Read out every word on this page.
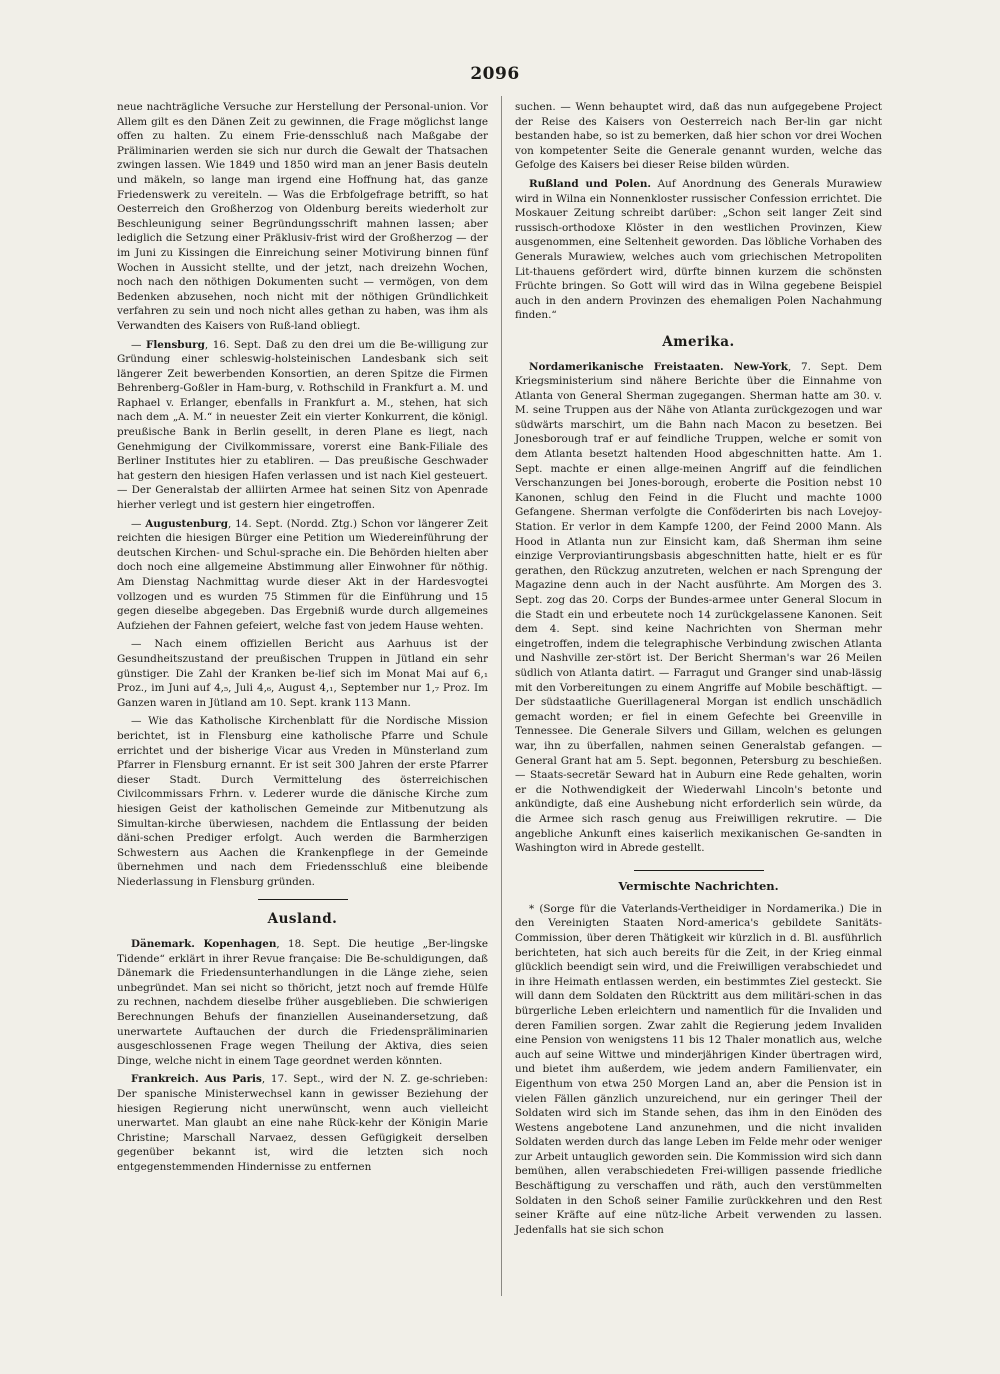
2096

neue nachträgliche Versuche zur Herstellung der Personal-union. Vor Allem gilt es den Dänen Zeit zu gewinnen, die Frage möglichst lange offen zu halten. Zu einem Frie-densschluß nach Maßgabe der Präliminarien werden sie sich nur durch die Gewalt der Thatsachen zwingen lassen. Wie 1849 und 1850 wird man an jener Basis deuteln und mäkeln, so lange man irgend eine Hoffnung hat, das ganze Friedenswerk zu vereiteln. — Was die Erbfolgefrage betrifft, so hat Oesterreich den Großherzog von Oldenburg bereits wiederholt zur Beschleunigung seiner Begründungsschrift mahnen lassen; aber lediglich die Setzung einer Präklusiv-frist wird der Großherzog — der im Juni zu Kissingen die Einreichung seiner Motivirung binnen fünf Wochen in Aussicht stellte, und der jetzt, nach dreizehn Wochen, noch nach den nöthigen Dokumenten sucht — vermögen, von dem Bedenken abzusehen, noch nicht mit der nöthigen Gründlichkeit verfahren zu sein und noch nicht alles gethan zu haben, was ihm als Verwandten des Kaisers von Ruß-land obliegt.

— Flensburg, 16. Sept. Daß zu den drei um die Be-willigung zur Gründung einer schleswig-holsteinischen Landesbank sich seit längerer Zeit bewerbenden Konsortien, an deren Spitze die Firmen Behrenberg-Goßler in Ham-burg, v. Rothschild in Frankfurt a. M. und Raphael v. Erlanger, ebenfalls in Frankfurt a. M., stehen, hat sich nach dem „A. M.“ in neuester Zeit ein vierter Konkurrent, die königl. preußische Bank in Berlin gesellt, in deren Plane es liegt, nach Genehmigung der Civilkommissare, vorerst eine Bank-Filiale des Berliner Institutes hier zu etabliren. — Das preußische Geschwader hat gestern den hiesigen Hafen verlassen und ist nach Kiel gesteuert. — Der Generalstab der alliirten Armee hat seinen Sitz von Apenrade hierher verlegt und ist gestern hier eingetroffen.

— Augustenburg, 14. Sept. (Nordd. Ztg.) Schon vor längerer Zeit reichten die hiesigen Bürger eine Petition um Wiedereinführung der deutschen Kirchen- und Schul-sprache ein. Die Behörden hielten aber doch noch eine allgemeine Abstimmung aller Einwohner für nöthig. Am Dienstag Nachmittag wurde dieser Akt in der Hardesvogtei vollzogen und es wurden 75 Stimmen für die Einführung und 15 gegen dieselbe abgegeben. Das Ergebniß wurde durch allgemeines Aufziehen der Fahnen gefeiert, welche fast von jedem Hause wehten.

— Nach einem offiziellen Bericht aus Aarhuus ist der Gesundheitszustand der preußischen Truppen in Jütland ein sehr günstiger. Die Zahl der Kranken be-lief sich im Monat Mai auf 6,₁ Proz., im Juni auf 4,₅, Juli 4,₆, August 4,₁, September nur 1,₇ Proz. Im Ganzen waren in Jütland am 10. Sept. krank 113 Mann.

— Wie das Katholische Kirchenblatt für die Nordische Mission berichtet, ist in Flensburg eine katholische Pfarre und Schule errichtet und der bisherige Vicar aus Vreden in Münsterland zum Pfarrer in Flensburg ernannt. Er ist seit 300 Jahren der erste Pfarrer dieser Stadt. Durch Vermittelung des österreichischen Civilcommissars Frhrn. v. Lederer wurde die dänische Kirche zum hiesigen Geist der katholischen Gemeinde zur Mitbenutzung als Simultan-kirche überwiesen, nachdem die Entlassung der beiden däni-schen Prediger erfolgt. Auch werden die Barmherzigen Schwestern aus Aachen die Krankenpflege in der Gemeinde übernehmen und nach dem Friedensschluß eine bleibende Niederlassung in Flensburg gründen.

Ausland.

Dänemark. Kopenhagen, 18. Sept. Die heutige „Ber-lingske Tidende“ erklärt in ihrer Revue française: Die Be-schuldigungen, daß Dänemark die Friedensunterhandlungen in die Länge ziehe, seien unbegründet. Man sei nicht so thöricht, jetzt noch auf fremde Hülfe zu rechnen, nachdem dieselbe früher ausgeblieben. Die schwierigen Berechnungen Behufs der finanziellen Auseinandersetzung, daß unerwartete Auftauchen der durch die Friedenspräliminarien ausgeschlossenen Frage wegen Theilung der Aktiva, dies seien Dinge, welche nicht in einem Tage geordnet werden könnten.

Frankreich. Aus Paris, 17. Sept., wird der N. Z. ge-schrieben: Der spanische Ministerwechsel kann in gewisser Beziehung der hiesigen Regierung nicht unerwünscht, wenn auch vielleicht unerwartet. Man glaubt an eine nahe Rück-kehr der Königin Marie Christine; Marschall Narvaez, dessen Gefügigkeit derselben gegenüber bekannt ist, wird die letzten sich noch entgegenstemmenden Hindernisse zu entfernen

suchen. — Wenn behauptet wird, daß das nun aufgegebene Project der Reise des Kaisers von Oesterreich nach Ber-lin gar nicht bestanden habe, so ist zu bemerken, daß hier schon vor drei Wochen von kompetenter Seite die Generale genannt wurden, welche das Gefolge des Kaisers bei dieser Reise bilden würden.

Rußland und Polen. Auf Anordnung des Generals Murawiew wird in Wilna ein Nonnenkloster russischer Confession errichtet. Die Moskauer Zeitung schreibt darüber: „Schon seit langer Zeit sind russisch-orthodoxe Klöster in den westlichen Provinzen, Kiew ausgenommen, eine Seltenheit geworden. Das löbliche Vorhaben des Generals Murawiew, welches auch vom griechischen Metropoliten Lit-thauens gefördert wird, dürfte binnen kurzem die schönsten Früchte bringen. So Gott will wird das in Wilna gegebene Beispiel auch in den andern Provinzen des ehemaligen Polen Nachahmung finden.“

Amerika.

Nordamerikanische Freistaaten. New-York, 7. Sept. Dem Kriegsministerium sind nähere Berichte über die Einnahme von Atlanta von General Sherman zugegangen. Sherman hatte am 30. v. M. seine Truppen aus der Nähe von Atlanta zurückgezogen und war südwärts marschirt, um die Bahn nach Macon zu besetzen. Bei Jonesborough traf er auf feindliche Truppen, welche er somit von dem Atlanta besetzt haltenden Hood abgeschnitten hatte. Am 1. Sept. machte er einen allge-meinen Angriff auf die feindlichen Verschanzungen bei Jones-borough, eroberte die Position nebst 10 Kanonen, schlug den Feind in die Flucht und machte 1000 Gefangene. Sherman verfolgte die Conföderirten bis nach Lovejoy-Station. Er verlor in dem Kampfe 1200, der Feind 2000 Mann. Als Hood in Atlanta nun zur Einsicht kam, daß Sherman ihm seine einzige Verproviantirungsbasis abgeschnitten hatte, hielt er es für gerathen, den Rückzug anzutreten, welchen er nach Sprengung der Magazine denn auch in der Nacht ausführte. Am Morgen des 3. Sept. zog das 20. Corps der Bundes-armee unter General Slocum in die Stadt ein und erbeutete noch 14 zurückgelassene Kanonen. Seit dem 4. Sept. sind keine Nachrichten von Sherman mehr eingetroffen, indem die telegraphische Verbindung zwischen Atlanta und Nashville zer-stört ist. Der Bericht Sherman's war 26 Meilen südlich von Atlanta datirt. — Farragut und Granger sind unab-lässig mit den Vorbereitungen zu einem Angriffe auf Mobile beschäftigt. — Der südstaatliche Guerillageneral Morgan ist endlich unschädlich gemacht worden; er fiel in einem Gefechte bei Greenville in Tennessee. Die Generale Silvers und Gillam, welchen es gelungen war, ihn zu überfallen, nahmen seinen Generalstab gefangen. — General Grant hat am 5. Sept. begonnen, Petersburg zu beschießen. — Staats-secretär Seward hat in Auburn eine Rede gehalten, worin er die Nothwendigkeit der Wiederwahl Lincoln's betonte und ankündigte, daß eine Aushebung nicht erforderlich sein würde, da die Armee sich rasch genug aus Freiwilligen rekrutire. — Die angebliche Ankunft eines kaiserlich mexikanischen Ge-sandten in Washington wird in Abrede gestellt.

Vermischte Nachrichten.

* (Sorge für die Vaterlands-Vertheidiger in Nordamerika.) Die in den Vereinigten Staaten Nord-america's gebildete Sanitäts-Commission, über deren Thätigkeit wir kürzlich in d. Bl. ausführlich berichteten, hat sich auch bereits für die Zeit, in der Krieg einmal glücklich beendigt sein wird, und die Freiwilligen verabschiedet und in ihre Heimath entlassen werden, ein bestimmtes Ziel gesteckt. Sie will dann dem Soldaten den Rücktritt aus dem militäri-schen in das bürgerliche Leben erleichtern und namentlich für die Invaliden und deren Familien sorgen. Zwar zahlt die Regierung jedem Invaliden eine Pension von wenigstens 11 bis 12 Thaler monatlich aus, welche auch auf seine Wittwe und minderjährigen Kinder übertragen wird, und bietet ihm außerdem, wie jedem andern Familienvater, ein Eigenthum von etwa 250 Morgen Land an, aber die Pension ist in vielen Fällen gänzlich unzureichend, nur ein geringer Theil der Soldaten wird sich im Stande sehen, das ihm in den Einöden des Westens angebotene Land anzunehmen, und die nicht invaliden Soldaten werden durch das lange Leben im Felde mehr oder weniger zur Arbeit untauglich geworden sein. Die Kommission wird sich dann bemühen, allen verabschiedeten Frei-willigen passende friedliche Beschäftigung zu verschaffen und räth, auch den verstümmelten Soldaten in den Schoß seiner Familie zurückkehren und den Rest seiner Kräfte auf eine nütz-liche Arbeit verwenden zu lassen. Jedenfalls hat sie sich schon
